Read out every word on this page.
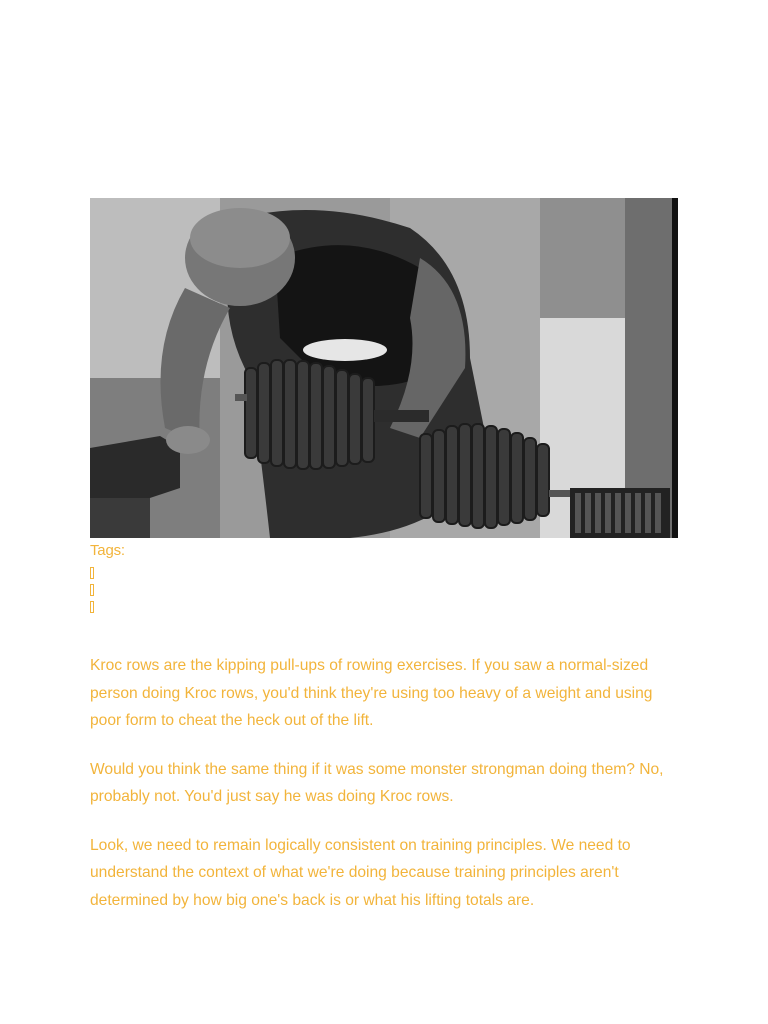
Tags:

Kroc rows are the kipping pull-ups of rowing exercises. If you saw a normal-sized person doing Kroc rows, you'd think they're using too heavy of a weight and using poor form to cheat the heck out of the lift.

Would you think the same thing if it was some monster strongman doing them? No, probably not. You'd just say he was doing Kroc rows.

Look, we need to remain logically consistent on training principles. We need to understand the context of what we're doing because training principles aren't determined by how big one's back is or what his lifting totals are.
